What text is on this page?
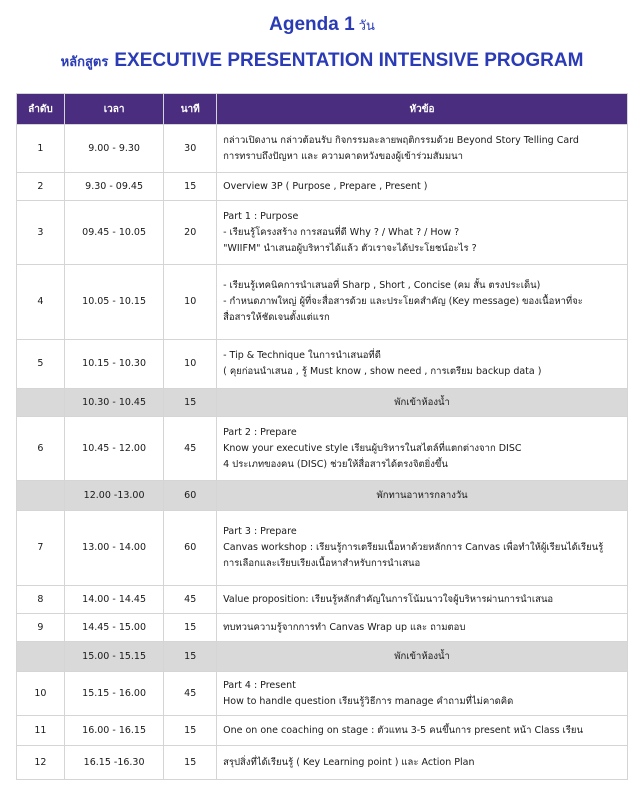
Agenda 1 วัน
หลักสูตร EXECUTIVE PRESENTATION INTENSIVE PROGRAM
ลำดับ	เวลา	นาที	หัวข้อ
1	9.00 - 9.30	30	กล่าวเปิดงาน กล่าวต้อนรับ กิจกรรมละลายพฤติกรรมด้วย Beyond Story Telling Card
การทราบถึงปัญหา และ ความคาดหวังของผู้เข้าร่วมสัมมนา

2	9.30 - 09.45	15	Overview 3P ( Purpose , Prepare , Present )

3	09.45 - 10.05	20	Part 1 : Purpose
- เรียนรู้โครงสร้าง การสอนที่ดี Why ? / What ? / How ?
"WIIFM" นำเสนอผู้บริหารได้แล้ว ตัวเราจะได้ประโยชน์อะไร ?

4	10.05 - 10.15	10	- เรียนรู้เทคนิคการนำเสนอที่ Sharp , Short , Concise (คม สั้น ตรงประเด็น)
- กำหนดภาพใหญ่ ผู้ที่จะสื่อสารด้วย และประโยคสำคัญ (Key message) ของเนื้อหาที่จะ
สื่อสารให้ชัดเจนตั้งแต่แรก

5	10.15 - 10.30	10	- Tip & Technique ในการนำเสนอที่ดี
( คุยก่อนนำเสนอ , รู้ Must know , show need , การเตรียม backup data )

	10.30 - 10.45	15	พักเข้าห้องน้ำ
6	10.45 - 12.00	45	Part 2 : Prepare
Know your executive style เรียนผู้บริหารในสไตล์ที่แตกต่างจาก DISC
4 ประเภทของคน (DISC) ช่วยให้สื่อสารได้ตรงจิตยิ่งขึ้น

	12.00 -13.00	60	พักทานอาหารกลางวัน
7	13.00 - 14.00	60	Part 3 : Prepare
Canvas workshop : เรียนรู้การเตรียมเนื้อหาด้วยหลักการ Canvas เพื่อทำให้ผู้เรียนได้เรียนรู้
การเลือกและเรียบเรียงเนื้อหาสำหรับการนำเสนอ

8	14.00 - 14.45	45	Value proposition: เรียนรู้หลักสำคัญในการโน้มนาวใจผู้บริหารผ่านการนำเสนอ

9	14.45 - 15.00	15	ทบทวนความรู้จากการทำ Canvas Wrap up และ ถามตอบ

	15.00 - 15.15	15	พักเข้าห้องน้ำ
10	15.15 - 16.00	45	Part 4 : Present
How to handle question เรียนรู้วิธีการ manage คำถามที่ไม่คาดคิด

11	16.00 - 16.15	15	One on one coaching on stage : ตัวแทน 3-5 คนขึ้นการ present หน้า Class เรียน

12	16.15 -16.30	15	สรุปสิ่งที่ได้เรียนรู้ ( Key Learning point ) และ Action Plan
